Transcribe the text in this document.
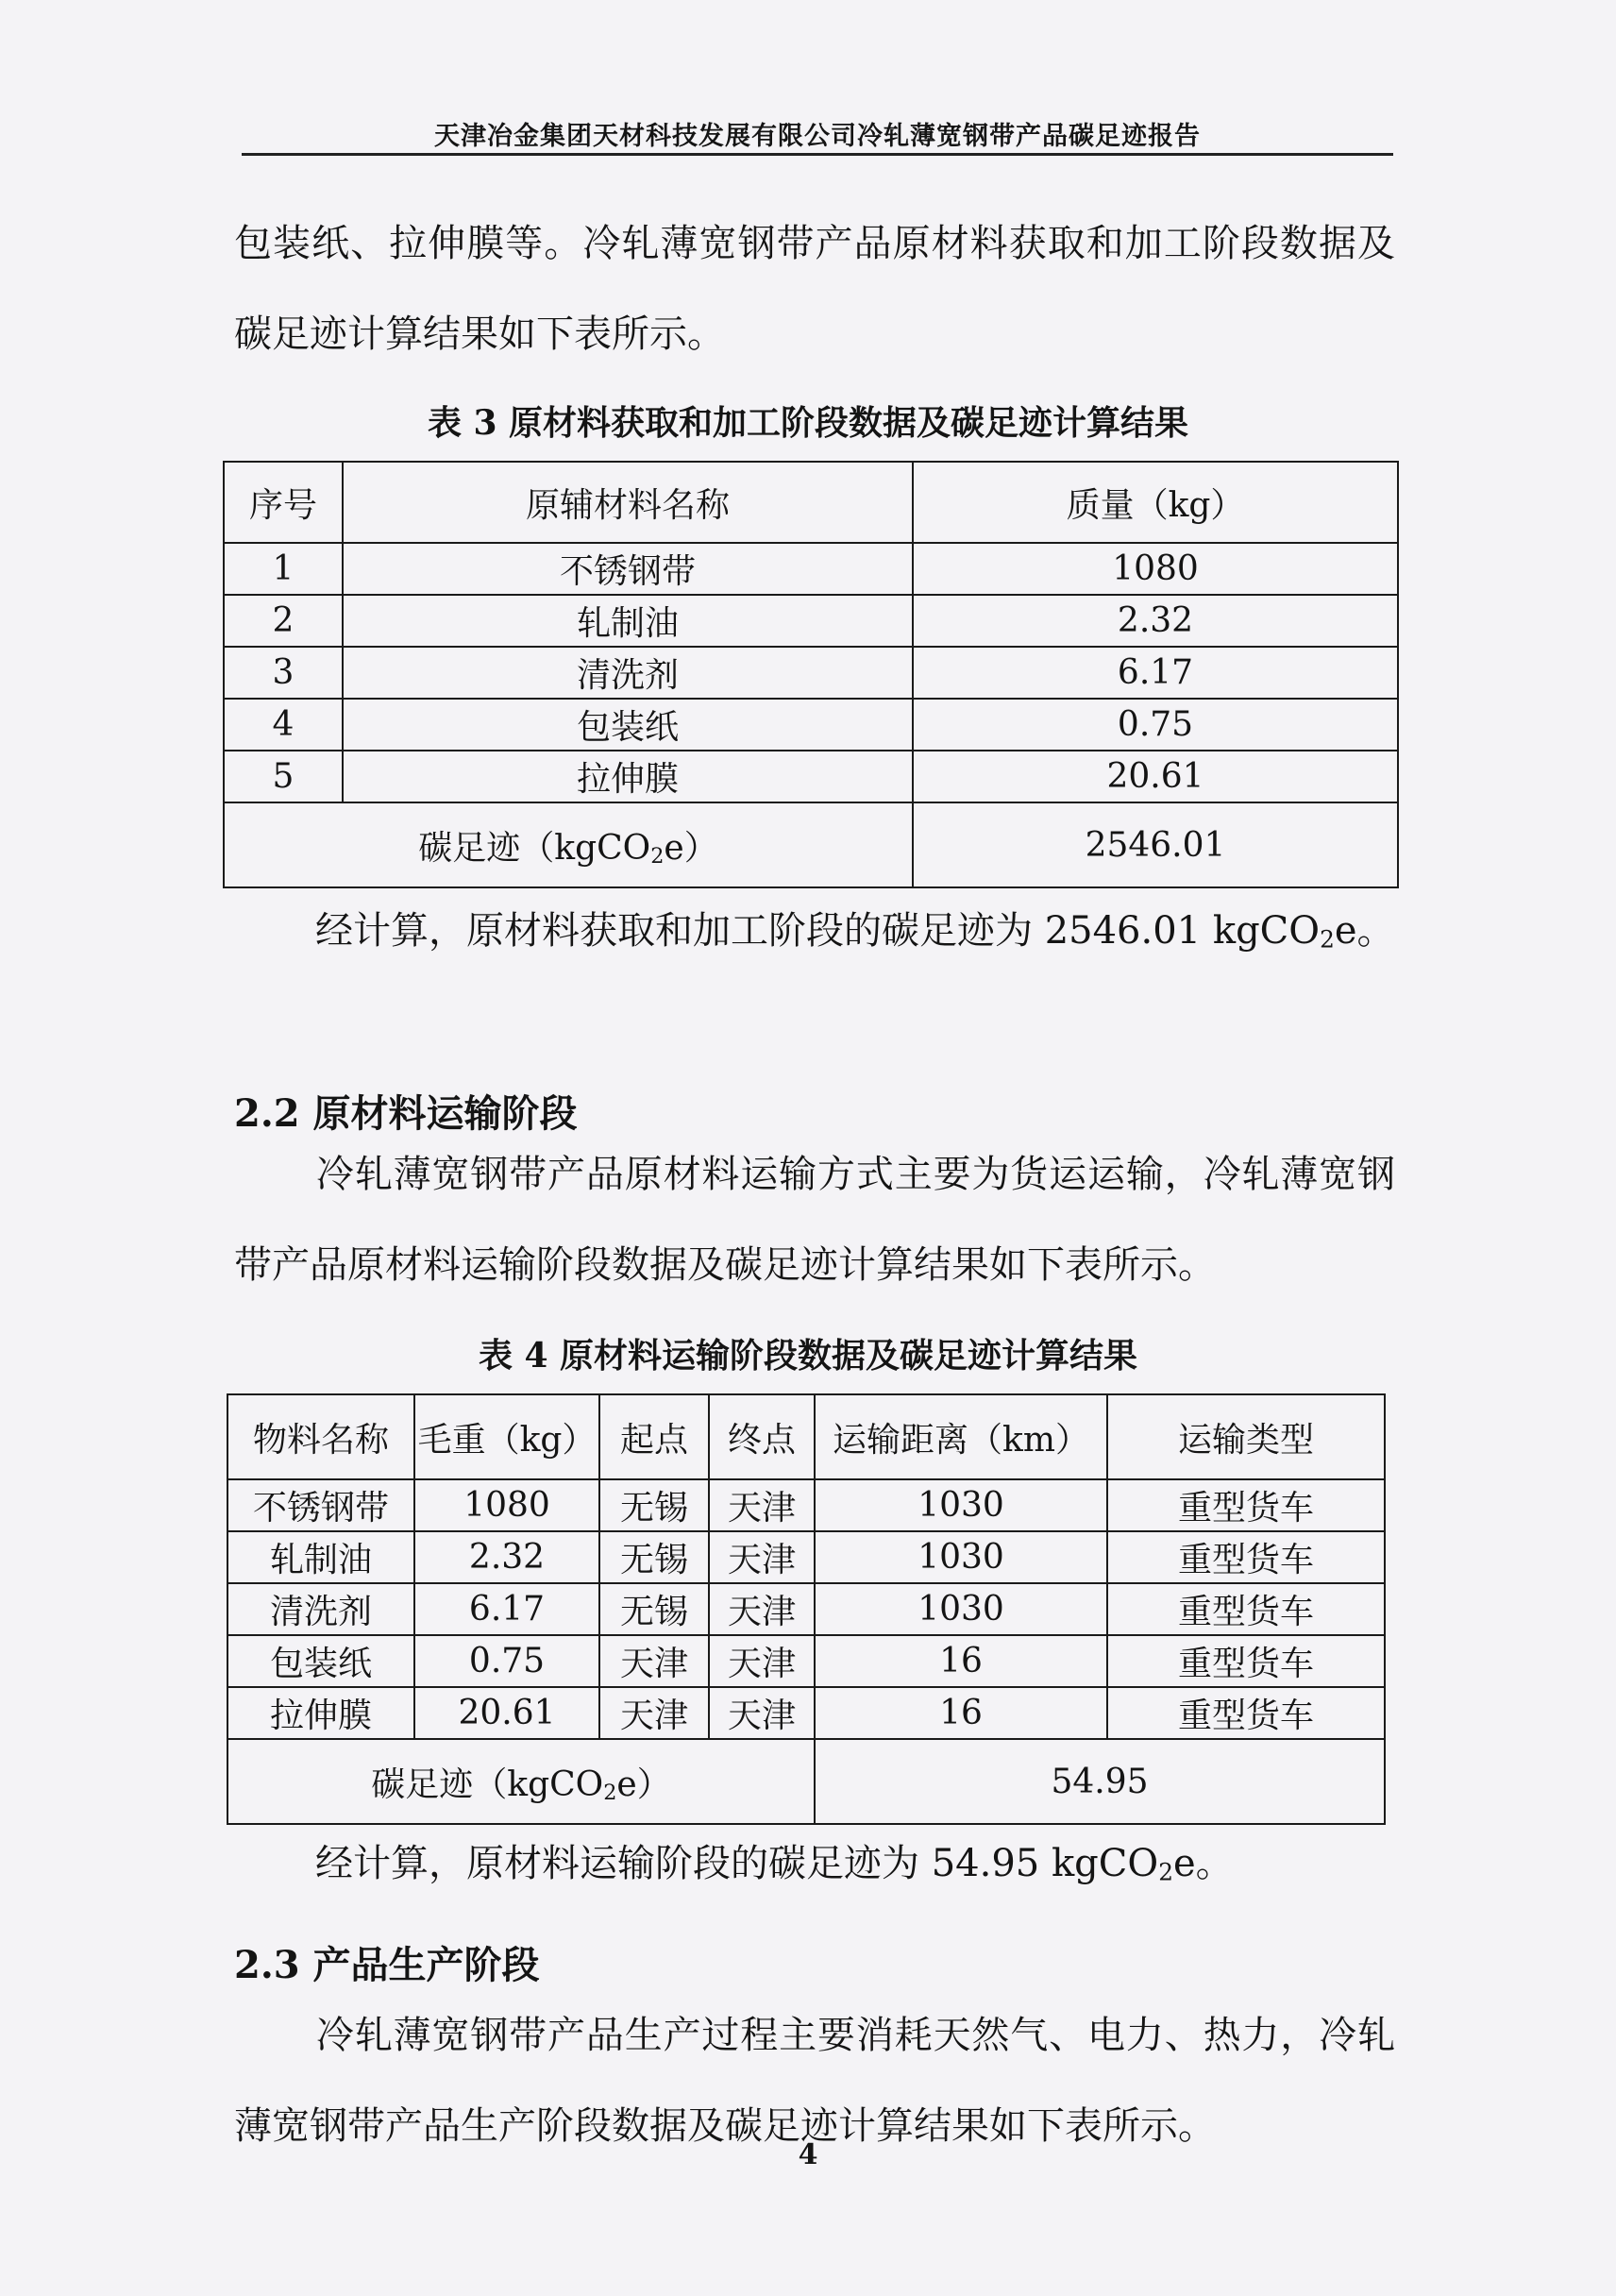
天津冶金集团天材科技发展有限公司冷轧薄宽钢带产品碳足迹报告

包装纸、拉伸膜等。冷轧薄宽钢带产品原材料获取和加工阶段数据及碳足迹计算结果如下表所示。

表 3 原材料获取和加工阶段数据及碳足迹计算结果

序号	原辅材料名称	质量（kg）
1	不锈钢带	1080
2	轧制油	2.32
3	清洗剂	6.17
4	包装纸	0.75
5	拉伸膜	20.61
碳足迹（kgCO2e）		2546.01

经计算，原材料获取和加工阶段的碳足迹为 2546.01 kgCO2e。

2.2 原材料运输阶段

冷轧薄宽钢带产品原材料运输方式主要为货运运输，冷轧薄宽钢带产品原材料运输阶段数据及碳足迹计算结果如下表所示。

表 4 原材料运输阶段数据及碳足迹计算结果

物料名称	毛重（kg）	起点	终点	运输距离（km）	运输类型
不锈钢带	1080	无锡	天津	1030	重型货车
轧制油	2.32	无锡	天津	1030	重型货车
清洗剂	6.17	无锡	天津	1030	重型货车
包装纸	0.75	天津	天津	16	重型货车
拉伸膜	20.61	天津	天津	16	重型货车
碳足迹（kgCO2e）				54.95	

经计算，原材料运输阶段的碳足迹为 54.95 kgCO2e。

2.3 产品生产阶段

冷轧薄宽钢带产品生产过程主要消耗天然气、电力、热力，冷轧薄宽钢带产品生产阶段数据及碳足迹计算结果如下表所示。

4
